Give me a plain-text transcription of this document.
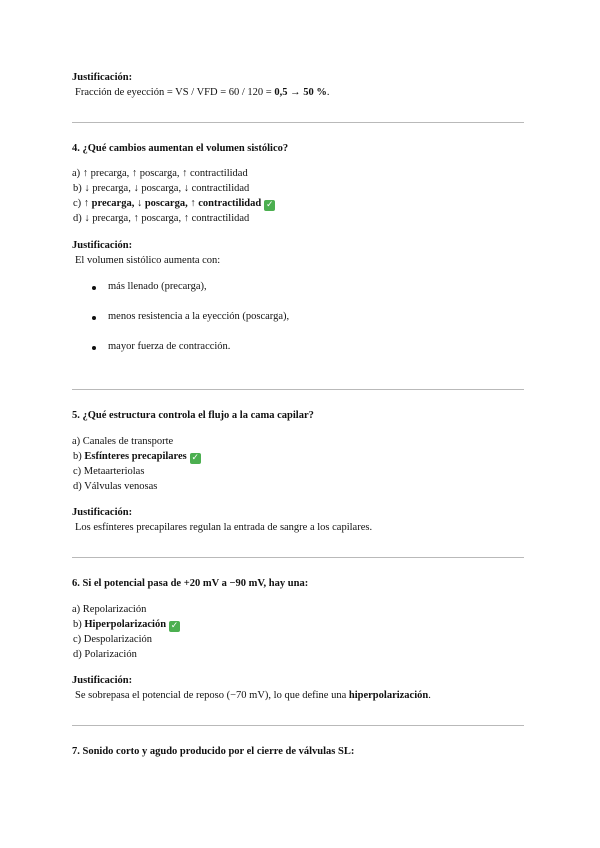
Justificación:
Fracción de eyección = VS / VFD = 60 / 120 = 0,5 → 50 %.
4. ¿Qué cambios aumentan el volumen sistólico?
a) ↑ precarga, ↑ poscarga, ↑ contractilidad
b) ↓ precarga, ↓ poscarga, ↓ contractilidad
c) ↑ precarga, ↓ poscarga, ↑ contractilidad ✓
d) ↓ precarga, ↑ poscarga, ↑ contractilidad
Justificación:
El volumen sistólico aumenta con:
más llenado (precarga),
menos resistencia a la eyección (poscarga),
mayor fuerza de contracción.
5. ¿Qué estructura controla el flujo a la cama capilar?
a) Canales de transporte
b) Esfínteres precapilares ✓
c) Metaarteriolas
d) Válvulas venosas
Justificación:
Los esfínteres precapilares regulan la entrada de sangre a los capilares.
6. Si el potencial pasa de +20 mV a −90 mV, hay una:
a) Repolarización
b) Hiperpolarización ✓
c) Despolarización
d) Polarización
Justificación:
Se sobrepasa el potencial de reposo (−70 mV), lo que define una hiperpolarización.
7. Sonido corto y agudo producido por el cierre de válvulas SL:
